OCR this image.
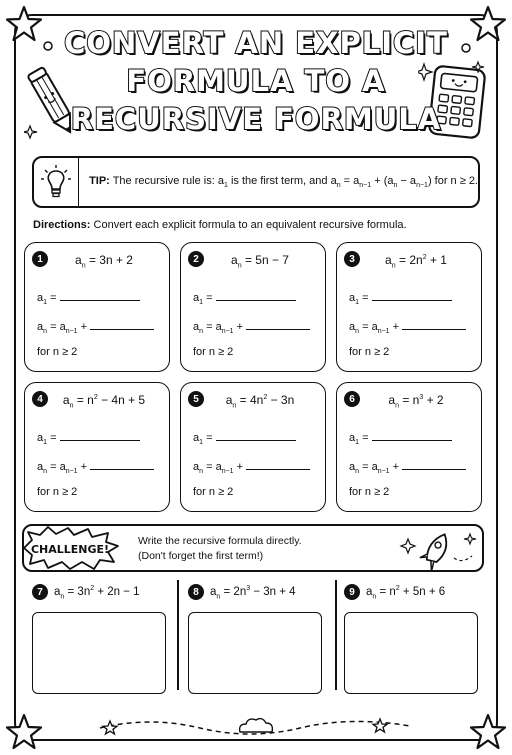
CONVERT AN EXPLICIT
FORMULA TO A
RECURSIVE FORMULA
TIP: The recursive rule is: $a_1$ is the first term, and $a_n = a_{n-1} + (a_n - a_{n-1})$ for n ≥ 2.
Directions: Convert each explicit formula to an equivalent recursive formula.
1	$a_n = 3n + 2$
$a_1$ =
$a_n = a_{n-1}$ +
for n ≥ 2
2	$a_n = 5n - 7$
$a_1$ =
$a_n = a_{n-1}$ +
for n ≥ 2
3	$a_n = 2n^2 + 1$
$a_1$ =
$a_n = a_{n-1}$ +
for n ≥ 2
4	$a_n = n^2 - 4n + 5$
$a_1$ =
$a_n = a_{n-1}$ +
for n ≥ 2
5	$a_n = 4n^2 - 3n$
$a_1$ =
$a_n = a_{n-1}$ +
for n ≥ 2
6	$a_n = n^3 + 2$
$a_1$ =
$a_n = a_{n-1}$ +
for n ≥ 2
Write the recursive formula directly.
(Don't forget the first term!)
CHALLENGE!
7 $a_n = 3n^2 + 2n - 1$	8 $a_n = 2n^3 - 3n + 4$	9 $a_n = n^2 + 5n + 6$
